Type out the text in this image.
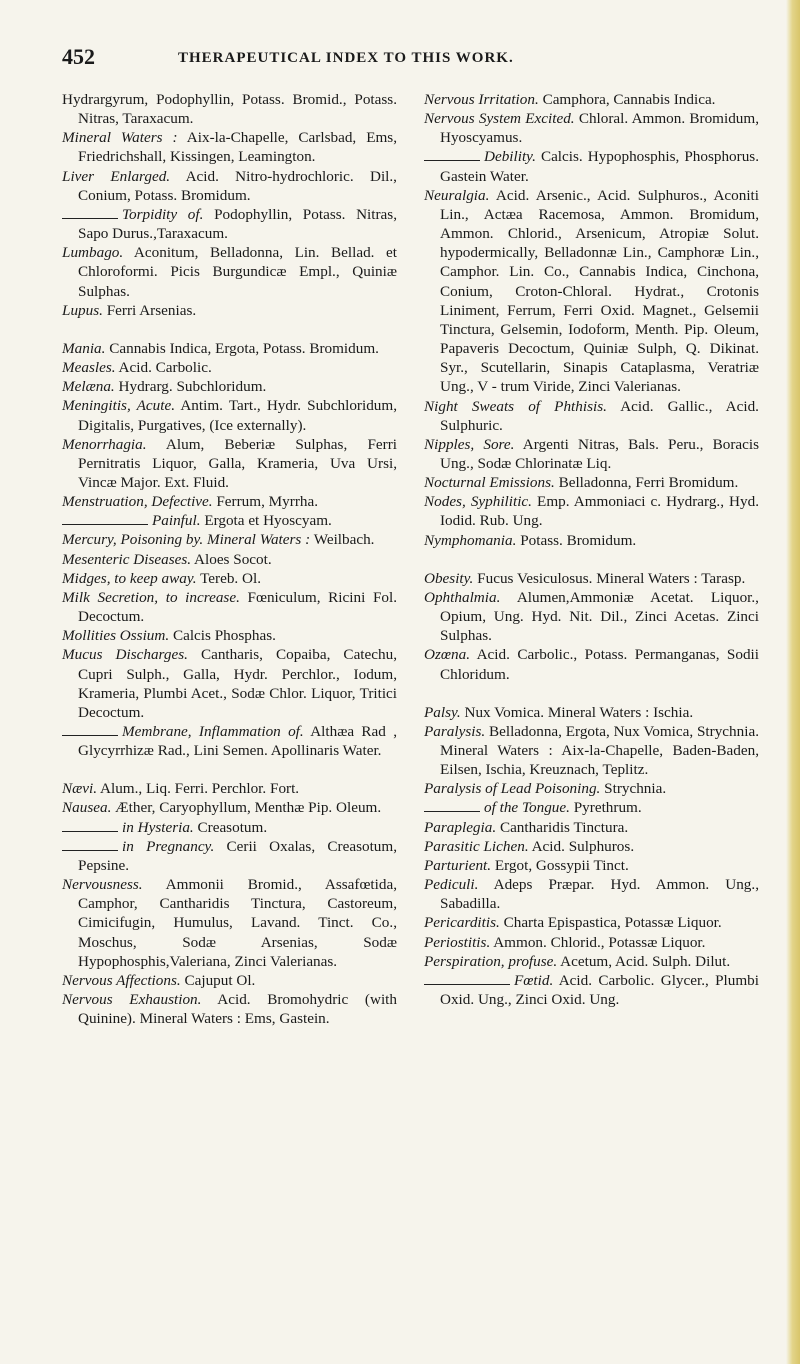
452	THERAPEUTICAL INDEX TO THIS WORK.

Hydrargyrum, Podophyllin, Potass. Bromid., Potass. Nitras, Taraxacum.

Mineral Waters : Aix-la-Chapelle, Carlsbad, Ems, Friedrichshall, Kissingen, Leamington.

Liver Enlarged. Acid. Nitro-hydrochloric. Dil., Conium, Potass. Bromidum.

Torpidity of. Podophyllin, Potass. Nitras, Sapo Durus.,Taraxacum.

Lumbago. Aconitum, Belladonna, Lin. Bellad. et Chloroformi. Picis Burgundicæ Empl., Quiniæ Sulphas.

Lupus. Ferri Arsenias.

Mania. Cannabis Indica, Ergota, Potass. Bromidum.

Measles. Acid. Carbolic.

Melæna. Hydrarg. Subchloridum.

Meningitis, Acute. Antim. Tart., Hydr. Subchloridum, Digitalis, Purgatives, (Ice externally).

Menorrhagia. Alum, Beberiæ Sulphas, Ferri Pernitratis Liquor, Galla, Krameria, Uva Ursi, Vincæ Major. Ext. Fluid.

Menstruation, Defective. Ferrum, Myrrha.

Painful. Ergota et Hyoscyam.

Mercury, Poisoning by. Mineral Waters : Weilbach.

Mesenteric Diseases. Aloes Socot.

Midges, to keep away. Tereb. Ol.

Milk Secretion, to increase. Fœniculum, Ricini Fol. Decoctum.

Mollities Ossium. Calcis Phosphas.

Mucus Discharges. Cantharis, Copaiba, Catechu, Cupri Sulph., Galla, Hydr. Perchlor., Iodum, Krameria, Plumbi Acet., Sodæ Chlor. Liquor, Tritici Decoctum.

Membrane, Inflammation of. Althæa Rad , Glycyrrhizæ Rad., Lini Semen. Apollinaris Water.

Nævi. Alum., Liq. Ferri. Perchlor. Fort.

Nausea. Æther, Caryophyllum, Menthæ Pip. Oleum.

in Hysteria. Creasotum.

in Pregnancy. Cerii Oxalas, Creasotum, Pepsine.

Nervousness. Ammonii Bromid., Assafœtida, Camphor, Cantharidis Tinctura, Castoreum, Cimicifugin, Humulus, Lavand. Tinct. Co., Moschus, Sodæ Arsenias, Sodæ Hypophosphis,Valeriana, Zinci Valerianas.

Nervous Affections. Cajuput Ol.

Nervous Exhaustion. Acid. Bromohydric (with Quinine). Mineral Waters : Ems, Gastein.

Nervous Irritation. Camphora, Cannabis Indica.

Nervous System Excited. Chloral. Ammon. Bromidum, Hyoscyamus.

Debility. Calcis. Hypophosphis, Phosphorus. Gastein Water.

Neuralgia. Acid. Arsenic., Acid. Sulphuros., Aconiti Lin., Actæa Racemosa, Ammon. Bromidum, Ammon. Chlorid., Arsenicum, Atropiæ Solut. hypodermically, Belladonnæ Lin., Camphoræ Lin., Camphor. Lin. Co., Cannabis Indica, Cinchona, Conium, Croton-Chloral. Hydrat., Crotonis Liniment, Ferrum, Ferri Oxid. Magnet., Gelsemii Tinctura, Gelsemin, Iodoform, Menth. Pip. Oleum, Papaveris Decoctum, Quiniæ Sulph, Q. Dikinat. Syr., Scutellarin, Sinapis Cataplasma, Veratriæ Ung., V - trum Viride, Zinci Valerianas.

Night Sweats of Phthisis. Acid. Gallic., Acid. Sulphuric.

Nipples, Sore. Argenti Nitras, Bals. Peru., Boracis Ung., Sodæ Chlorinatæ Liq.

Nocturnal Emissions. Belladonna, Ferri Bromidum.

Nodes, Syphilitic. Emp. Ammoniaci c. Hydrarg., Hyd. Iodid. Rub. Ung.

Nymphomania. Potass. Bromidum.

Obesity. Fucus Vesiculosus. Mineral Waters : Tarasp.

Ophthalmia. Alumen,Ammoniæ Acetat. Liquor., Opium, Ung. Hyd. Nit. Dil., Zinci Acetas. Zinci Sulphas.

Ozœna. Acid. Carbolic., Potass. Permanganas, Sodii Chloridum.

Palsy. Nux Vomica. Mineral Waters : Ischia.

Paralysis. Belladonna, Ergota, Nux Vomica, Strychnia. Mineral Waters : Aix-la-Chapelle, Baden-Baden, Eilsen, Ischia, Kreuznach, Teplitz.

Paralysis of Lead Poisoning. Strychnia.

of the Tongue. Pyrethrum.

Paraplegia. Cantharidis Tinctura.

Parasitic Lichen. Acid. Sulphuros.

Parturient. Ergot, Gossypii Tinct.

Pediculi. Adeps Præpar. Hyd. Ammon. Ung., Sabadilla.

Pericarditis. Charta Epispastica, Potassæ Liquor.

Periostitis. Ammon. Chlorid., Potassæ Liquor.

Perspiration, profuse. Acetum, Acid. Sulph. Dilut.

Fœtid. Acid. Carbolic. Glycer., Plumbi Oxid. Ung., Zinci Oxid. Ung.
